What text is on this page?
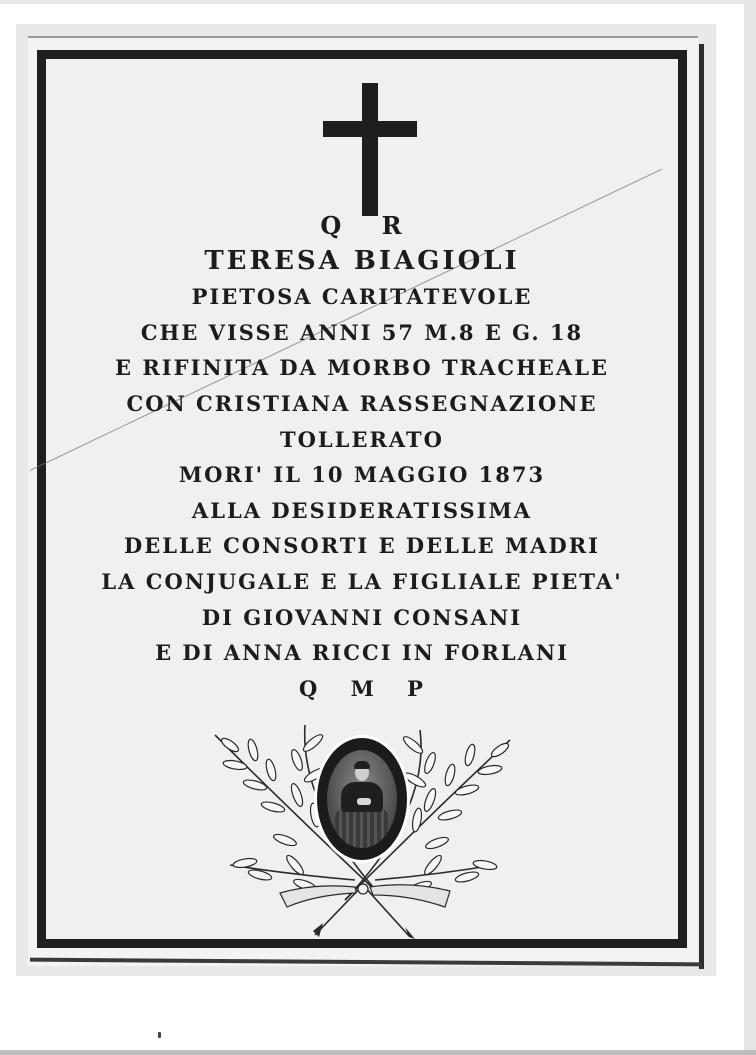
Q R
TERESA BIAGIOLI
PIETOSA CARITATEVOLE
CHE VISSE ANNI 57 M.8 E G. 18
E RIFINITA DA MORBO TRACHEALE
CON CRISTIANA RASSEGNAZIONE
TOLLERATO
MORI' IL 10 MAGGIO 1873
ALLA DESIDERATISSIMA
DELLE CONSORTI E DELLE MADRI
LA CONJUGALE E LA FIGLIALE PIETA'
DI GIOVANNI CONSANI
E DI ANNA RICCI IN FORLANI
Q M P
